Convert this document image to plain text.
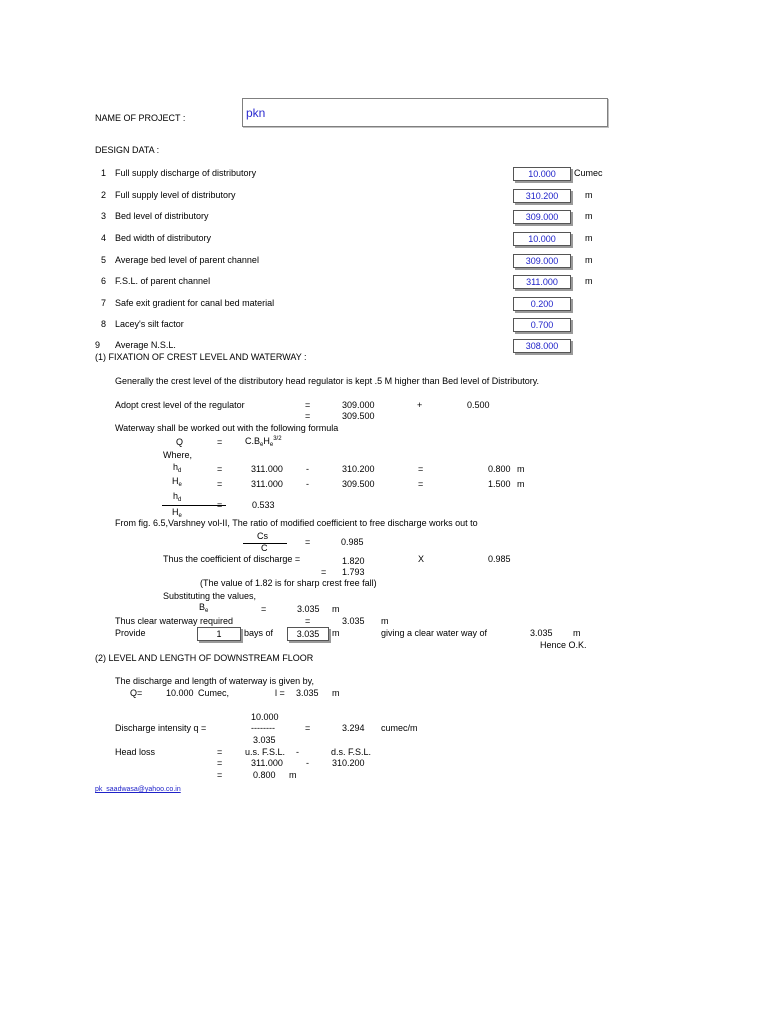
NAME OF PROJECT :	pkn
DESIGN DATA :
1 Full supply discharge of distributory	10.000	Cumec
2 Full supply level of distributory	310.200	m
3 Bed level of distributory	309.000	m
4 Bed width of distributory	10.000	m
5 Average bed level of parent channel	309.000	m
6 F.S.L. of parent channel	311.000	m
7 Safe exit gradient for canal bed material	0.200
8 Lacey's silt factor	0.700
9 Average N.S.L.	308.000
(1) FIXATION OF CREST LEVEL AND WATERWAY :
Generally the crest level of the distributory head regulator is kept .5 M higher than Bed level of Distributory.
Adopt crest level of the regulator	=	309.000	+	0.500
=	309.500
Waterway shall be worked out with the following formula
Q	=	$C.B_eH_e^{3/2}$
Where,
$h_d$	=	311.000	-	310.200	=	0.800 m
$H_e$	=	311.000	-	309.500	=	1.500 m
$h_d$
$H_e$
=	0.533
From fig. 6.5,Varshney vol-II, The ratio of modified coefficient to free discharge works out to
Cs
C
=	0.985
Thus the coefficient of discharge =	1.820	X	0.985
= 1.793
(The value of 1.82 is for sharp crest free fall)
Substituting the values,
$B_e$	=	3.035 m
Thus clear waterway required	=	3.035 m
Provide	1	bays of	3.035	m	giving a clear water way of	3.035 m
Hence O.K.
(2) LEVEL AND LENGTH OF DOWNSTREAM FLOOR
The discharge and length of waterway is given by,
Q=	10.000 Cumec,	l = 3.035 m
10.000
Discharge intensity q =	--------	=	3.294 cumec/m
3.035
Head loss	=	u.s. F.S.L. -	d.s. F.S.L.
=	311.000	-	310.200
=	0.800 m
pk_saadwasa@yahoo.co.in
